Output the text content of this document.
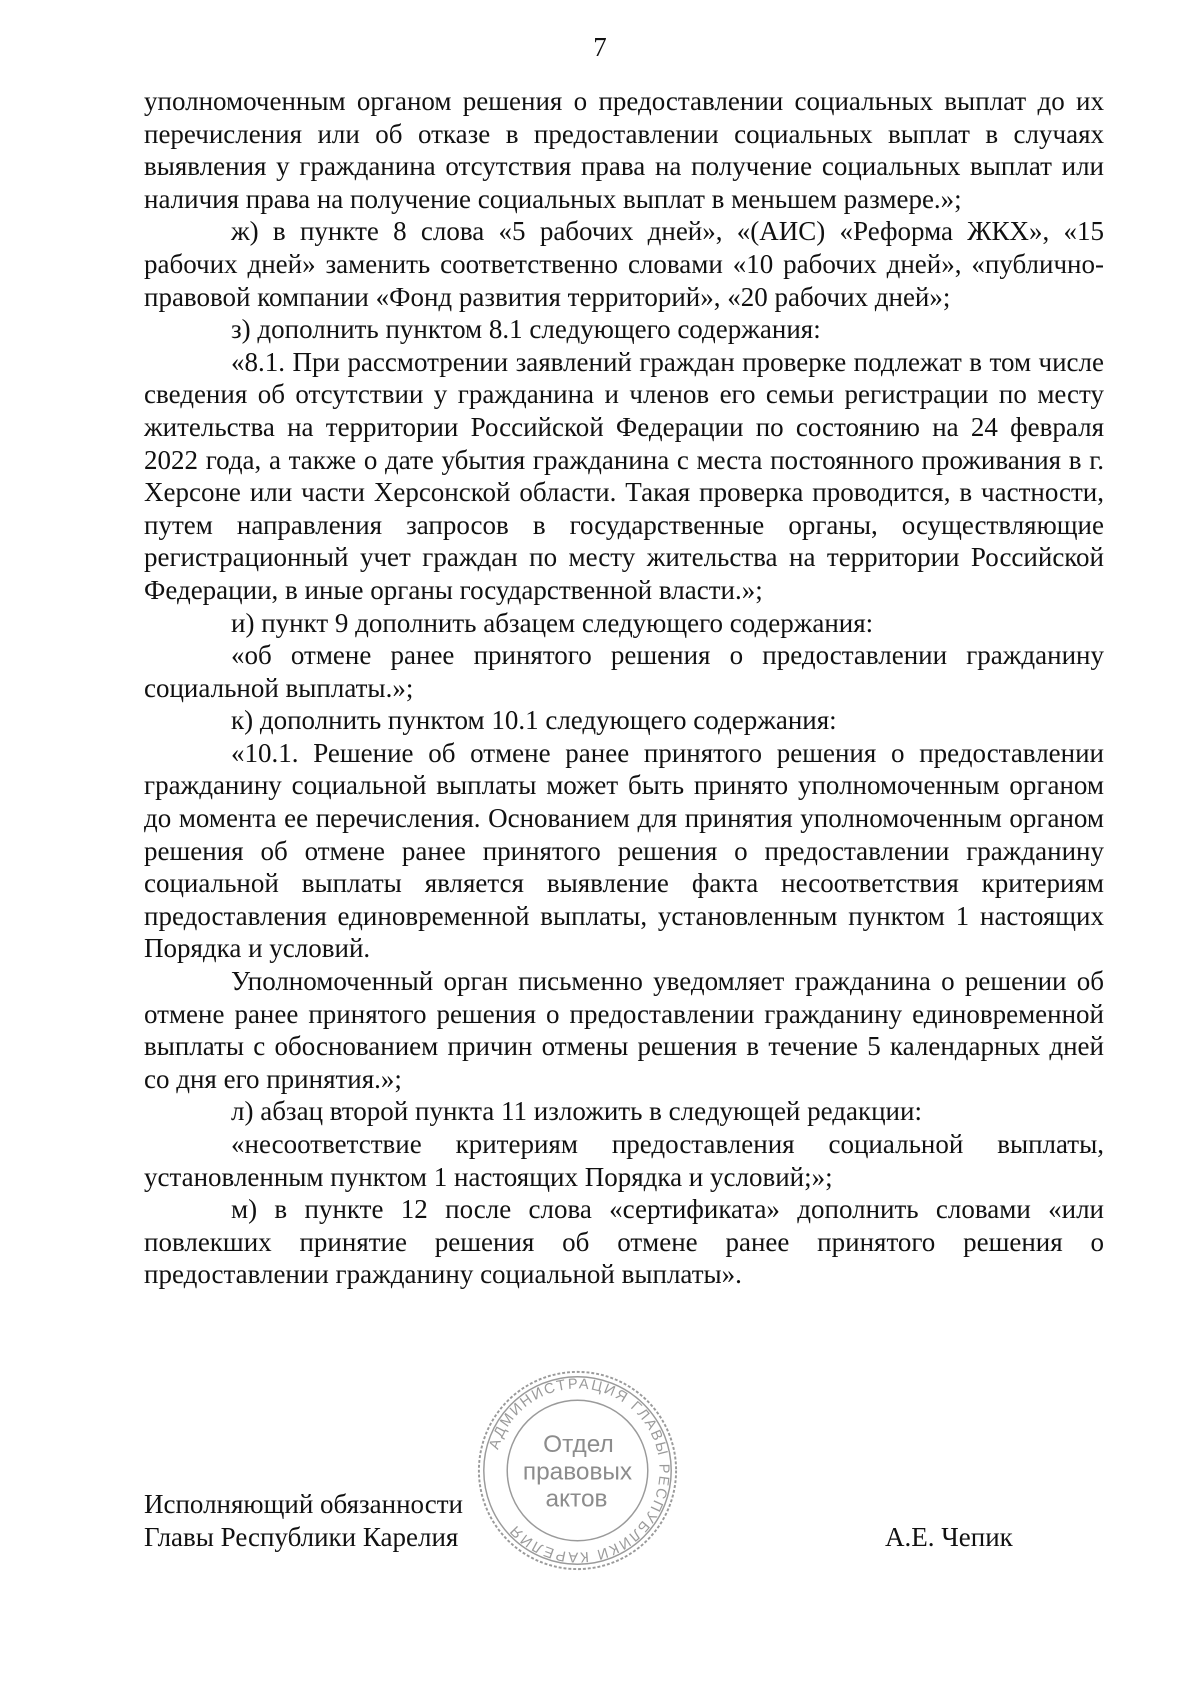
7

уполномоченным органом решения о предоставлении социальных выплат до их перечисления или об отказе в предоставлении социальных выплат в случаях выявления у гражданина отсутствия права на получение социальных выплат или наличия права на получение социальных выплат в меньшем размере.»;

ж) в пункте 8 слова «5 рабочих дней», «(АИС) «Реформа ЖКХ», «15 рабочих дней» заменить соответственно словами «10 рабочих дней», «публично-правовой компании «Фонд развития территорий», «20 рабочих дней»;

з) дополнить пунктом 8.1 следующего содержания:

«8.1. При рассмотрении заявлений граждан проверке подлежат в том числе сведения об отсутствии у гражданина и членов его семьи регистрации по месту жительства на территории Российской Федерации по состоянию на 24 февраля 2022 года, а также о дате убытия гражданина с места постоянного проживания в г. Херсоне или части Херсонской области. Такая проверка проводится, в частности, путем направления запросов в государственные органы, осуществляющие регистрационный учет граждан по месту жительства на территории Российской Федерации, в иные органы государственной власти.»;

и) пункт 9 дополнить абзацем следующего содержания:

«об отмене ранее принятого решения о предоставлении гражданину социальной выплаты.»;

к) дополнить пунктом 10.1 следующего содержания:

«10.1. Решение об отмене ранее принятого решения о предоставлении гражданину социальной выплаты может быть принято уполномоченным органом до момента ее перечисления. Основанием для принятия уполномоченным органом решения об отмене ранее принятого решения о предоставлении гражданину социальной выплаты является выявление факта несоответствия критериям предоставления единовременной выплаты, установленным пунктом 1 настоящих Порядка и условий.

Уполномоченный орган письменно уведомляет гражданина о решении об отмене ранее принятого решения о предоставлении гражданину единовременной выплаты с обоснованием причин отмены решения в течение 5 календарных дней со дня его принятия.»;

л) абзац второй пункта 11 изложить в следующей редакции:

«несоответствие критериям предоставления социальной выплаты, установленным пунктом 1 настоящих Порядка и условий;»;

м) в пункте 12 после слова «сертификата» дополнить словами «или повлекших принятие решения об отмене ранее принятого решения о предоставлении гражданину социальной выплаты».

АДМИНИСТРАЦИЯ ГЛАВЫ РЕСПУБЛИКИ КАРЕЛИЯ
Отдел
правовых
актов
Исполняющий обязанности
Главы Республики Карелия	А.Е. Чепик
